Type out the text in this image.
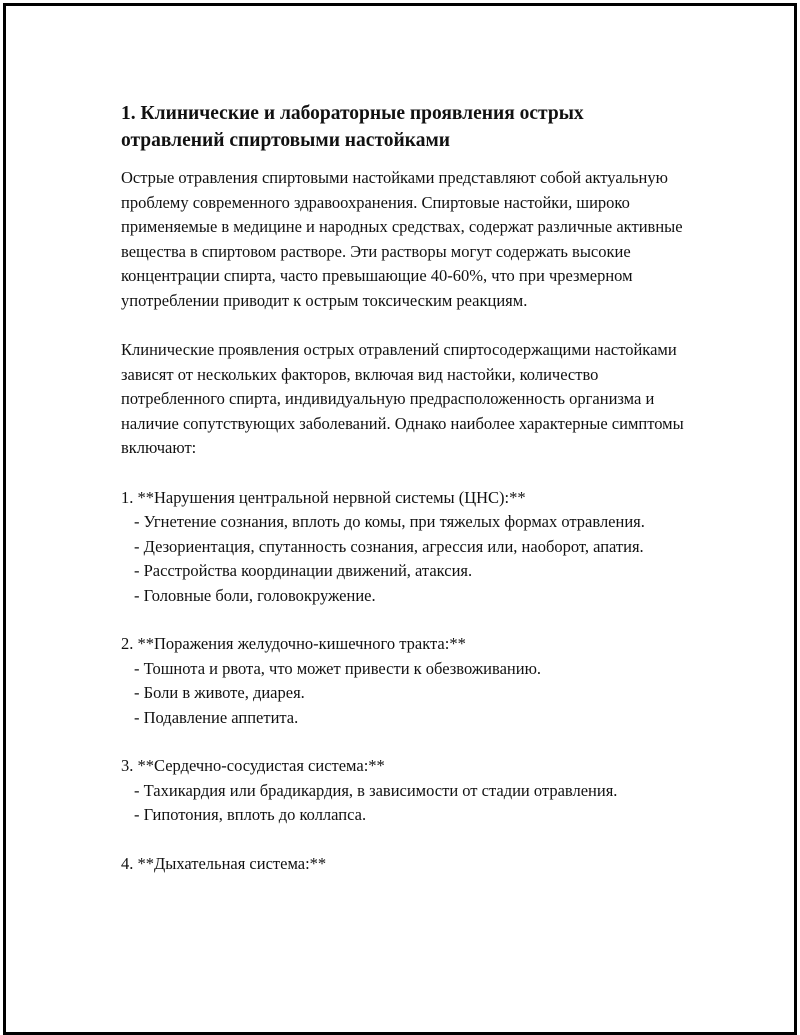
1. Клинические и лабораторные проявления острых
отравлений спиртовыми настойками

Острые отравления спиртовыми настойками представляют собой актуальную проблему современного здравоохранения. Спиртовые настойки, широко применяемые в медицине и народных средствах, содержат различные активные вещества в спиртовом растворе. Эти растворы могут содержать высокие концентрации спирта, часто превышающие 40-60%, что при чрезмерном употреблении приводит к острым токсическим реакциям.

Клинические проявления острых отравлений спиртосодержащими настойками зависят от нескольких факторов, включая вид настойки, количество потребленного спирта, индивидуальную предрасположенность организма и наличие сопутствующих заболеваний. Однако наиболее характерные симптомы включают:

1. **Нарушения центральной нервной системы (ЦНС):**

- Угнетение сознания, вплоть до комы, при тяжелых формах отравления.

- Дезориентация, спутанность сознания, агрессия или, наоборот, апатия.

- Расстройства координации движений, атаксия.

- Головные боли, головокружение.

2. **Поражения желудочно-кишечного тракта:**

- Тошнота и рвота, что может привести к обезвоживанию.

- Боли в животе, диарея.

- Подавление аппетита.

3. **Сердечно-сосудистая система:**

- Тахикардия или брадикардия, в зависимости от стадии отравления.

- Гипотония, вплоть до коллапса.

4. **Дыхательная система:**
